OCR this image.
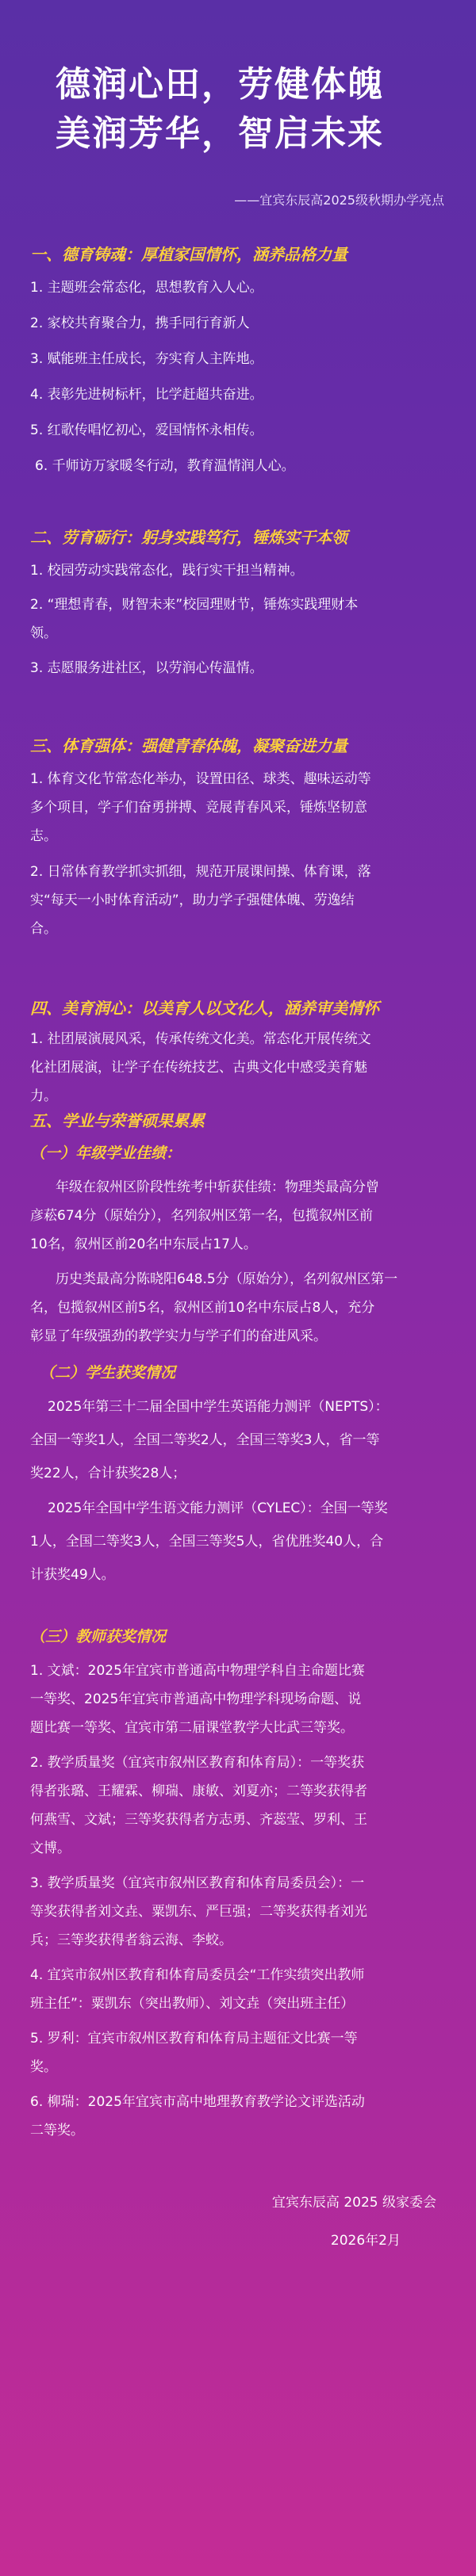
德润心田，劳健体魄
美润芳华，智启未来
——宜宾东辰高2025级秋期办学亮点
一、德育铸魂：厚植家国情怀，涵养品格力量
1. 主题班会常态化，思想教育入人心。
2. 家校共育聚合力，携手同行育新人
3. 赋能班主任成长，夯实育人主阵地。
4. 表彰先进树标杆，比学赶超共奋进。
5. 红歌传唱忆初心，爱国情怀永相传。
6. 千师访万家暖冬行动，教育温情润人心。
二、劳育砺行：躬身实践笃行，锤炼实干本领
1. 校园劳动实践常态化，践行实干担当精神。
2. “理想青春，财智未来”校园理财节，锤炼实践理财本
领。
3. 志愿服务进社区，以劳润心传温情。
三、体育强体：强健青春体魄，凝聚奋进力量
1. 体育文化节常态化举办，设置田径、球类、趣味运动等
多个项目，学子们奋勇拼搏、竞展青春风采，锤炼坚韧意
志。
2. 日常体育教学抓实抓细，规范开展课间操、体育课，落
实“每天一小时体育活动”，助力学子强健体魄、劳逸结
合。
四、美育润心：以美育人以文化人，涵养审美情怀
1. 社团展演展风采，传承传统文化美。常态化开展传统文
化社团展演，让学子在传统技艺、古典文化中感受美育魅
力。
五、学业与荣誉硕果累累
（一）年级学业佳绩：
年级在叙州区阶段性统考中斩获佳绩：物理类最高分曾
彦菘674分（原始分），名列叙州区第一名，包揽叙州区前
10名，叙州区前20名中东辰占17人。
历史类最高分陈晓阳648.5分（原始分），名列叙州区第一
名，包揽叙州区前5名，叙州区前10名中东辰占8人，充分
彰显了年级强劲的教学实力与学子们的奋进风采。
（二）学生获奖情况
2025年第三十二届全国中学生英语能力测评（NEPTS）：
全国一等奖1人，全国二等奖2人，全国三等奖3人，省一等
奖22人，合计获奖28人；
2025年全国中学生语文能力测评（CYLEC）：全国一等奖
1人，全国二等奖3人，全国三等奖5人，省优胜奖40人，合
计获奖49人。
（三）教师获奖情况
1. 文斌：2025年宜宾市普通高中物理学科自主命题比赛
一等奖、2025年宜宾市普通高中物理学科现场命题、说
题比赛一等奖、宜宾市第二届课堂教学大比武三等奖。
2. 教学质量奖（宜宾市叙州区教育和体育局）：一等奖获
得者张璐、王耀霖、柳瑞、康敏、刘夏亦；二等奖获得者
何燕雪、文斌；三等奖获得者方志勇、齐蕊莹、罗利、王
文博。
3. 教学质量奖（宜宾市叙州区教育和体育局委员会）：一
等奖获得者刘文垚、粟凯东、严巨强；二等奖获得者刘光
兵；三等奖获得者翁云海、李蛟。
4. 宜宾市叙州区教育和体育局委员会“工作实绩突出教师
班主任”：粟凯东（突出教师）、刘文垚（突出班主任）
5. 罗利：宜宾市叙州区教育和体育局主题征文比赛一等
奖。
6. 柳瑞：2025年宜宾市高中地理教育教学论文评选活动
二等奖。
宜宾东辰高 2025 级家委会
2026年2月
